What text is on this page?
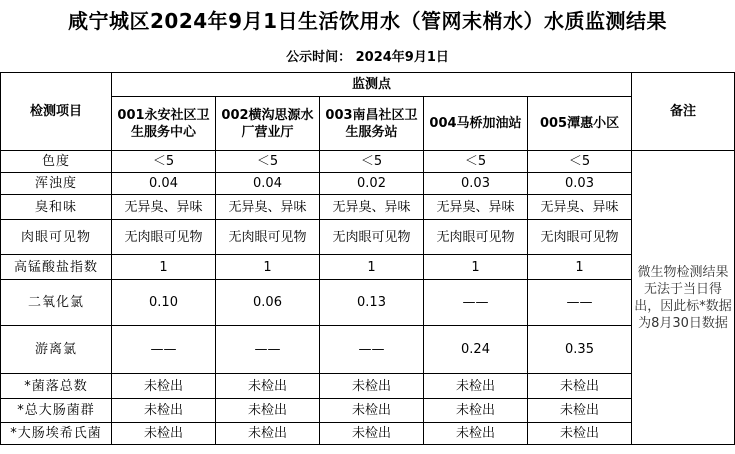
咸宁城区2024年9月1日生活饮用水（管网末梢水）水质监测结果
公示时间： 2024年9月1日
检测项目	监测点					备注
	001永安社区卫生服务中心	002横沟思源水厂营业厅	003南昌社区卫生服务站	004马桥加油站	005潭惠小区	
色度	＜5	＜5	＜5	＜5	＜5	微生物检测结果无法于当日得出，因此标*数据为8月30日数据
浑浊度	0.04	0.04	0.02	0.03	0.03	
臭和味	无异臭、异味	无异臭、异味	无异臭、异味	无异臭、异味	无异臭、异味	
肉眼可见物	无肉眼可见物	无肉眼可见物	无肉眼可见物	无肉眼可见物	无肉眼可见物	
高锰酸盐指数	1	1	1	1	1	
二氧化氯	0.10	0.06	0.13	——	——	
游离氯	——	——	——	0.24	0.35	
*菌落总数	未检出	未检出	未检出	未检出	未检出	
*总大肠菌群	未检出	未检出	未检出	未检出	未检出	
*大肠埃希氏菌	未检出	未检出	未检出	未检出	未检出	
